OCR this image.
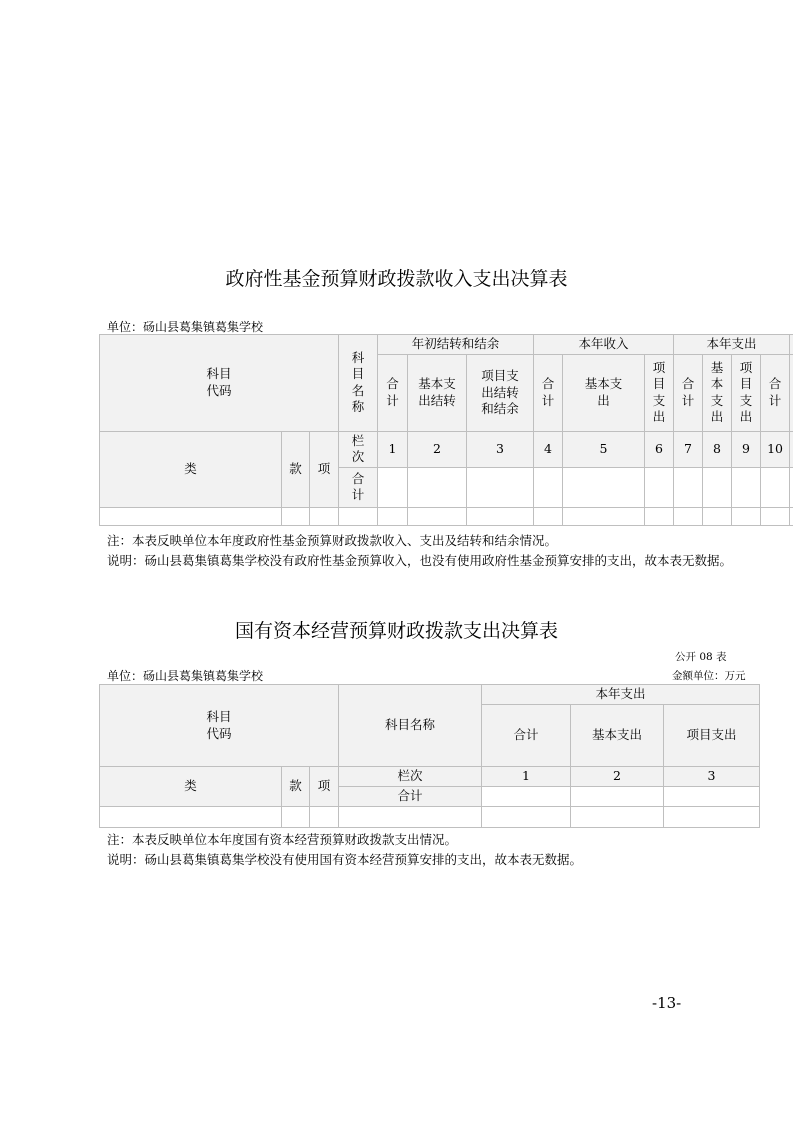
政府性基金预算财政拨款收入支出决算表
单位：砀山县葛集镇葛集学校
科目
代码			科目名称	年初结转和结余			本年收入			本年支出				
				合计	基本支出结转	项目支出结转和结余	合计	基本支出	项目支出	合计	基本支出	项目支出	合计	
类	款	项	栏次	1	2	3	4	5	6	7	8	9	10	
			合计											

注：本表反映单位本年度政府性基金预算财政拨款收入、支出及结转和结余情况。
说明：砀山县葛集镇葛集学校没有政府性基金预算收入，也没有使用政府性基金预算安排的支出，故本表无数据。
国有资本经营预算财政拨款支出决算表
公开 08 表
金额单位：万元
单位：砀山县葛集镇葛集学校
科目
代码			科目名称	本年支出		
				合计	基本支出	项目支出
类	款	项	栏次	1	2	3
			合计			

注：本表反映单位本年度国有资本经营预算财政拨款支出情况。
说明：砀山县葛集镇葛集学校没有使用国有资本经营预算安排的支出，故本表无数据。
-13-
